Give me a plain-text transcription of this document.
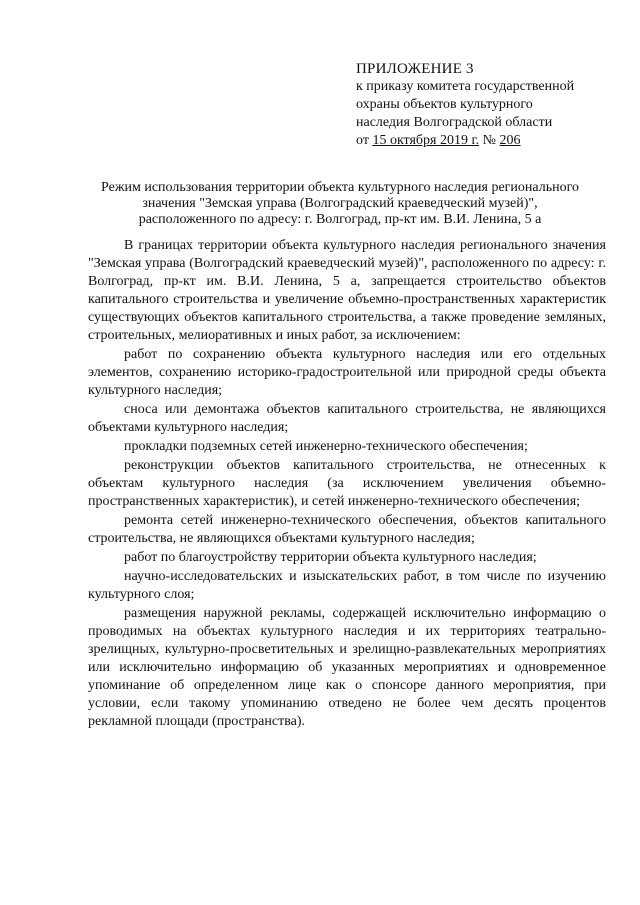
ПРИЛОЖЕНИЕ 3
к приказу комитета государственной
охраны объектов культурного
наследия Волгоградской области
от 15 октября 2019 г. № 206
Режим использования территории объекта культурного наследия регионального
значения "Земская управа (Волгоградский краеведческий музей)",
расположенного по адресу: г. Волгоград, пр-кт им. В.И. Ленина, 5 а

В границах территории объекта культурного наследия регионального значения "Земская управа (Волгоградский краеведческий музей)", расположенного по адресу: г. Волгоград, пр-кт им. В.И. Ленина, 5 а, запрещается строительство объектов капитального строительства и увеличение объемно-пространственных характеристик существующих объектов капитального строительства, а также проведение земляных, строительных, мелиоративных и иных работ, за исключением:

работ по сохранению объекта культурного наследия или его отдельных элементов, сохранению историко-градостроительной или природной среды объекта культурного наследия;

сноса или демонтажа объектов капитального строительства, не являющихся объектами культурного наследия;

прокладки подземных сетей инженерно-технического обеспечения;

реконструкции объектов капитального строительства, не отнесенных к объектам культурного наследия (за исключением увеличения объемно-пространственных характеристик), и сетей инженерно-технического обеспечения;

ремонта сетей инженерно-технического обеспечения, объектов капитального строительства, не являющихся объектами культурного наследия;

работ по благоустройству территории объекта культурного наследия;

научно-исследовательских и изыскательских работ, в том числе по изучению культурного слоя;

размещения наружной рекламы, содержащей исключительно информацию о проводимых на объектах культурного наследия и их территориях театрально-зрелищных, культурно-просветительных и зрелищно-развлекательных мероприятиях или исключительно информацию об указанных мероприятиях и одновременное упоминание об определенном лице как о спонсоре данного мероприятия, при условии, если такому упоминанию отведено не более чем десять процентов рекламной площади (пространства).
